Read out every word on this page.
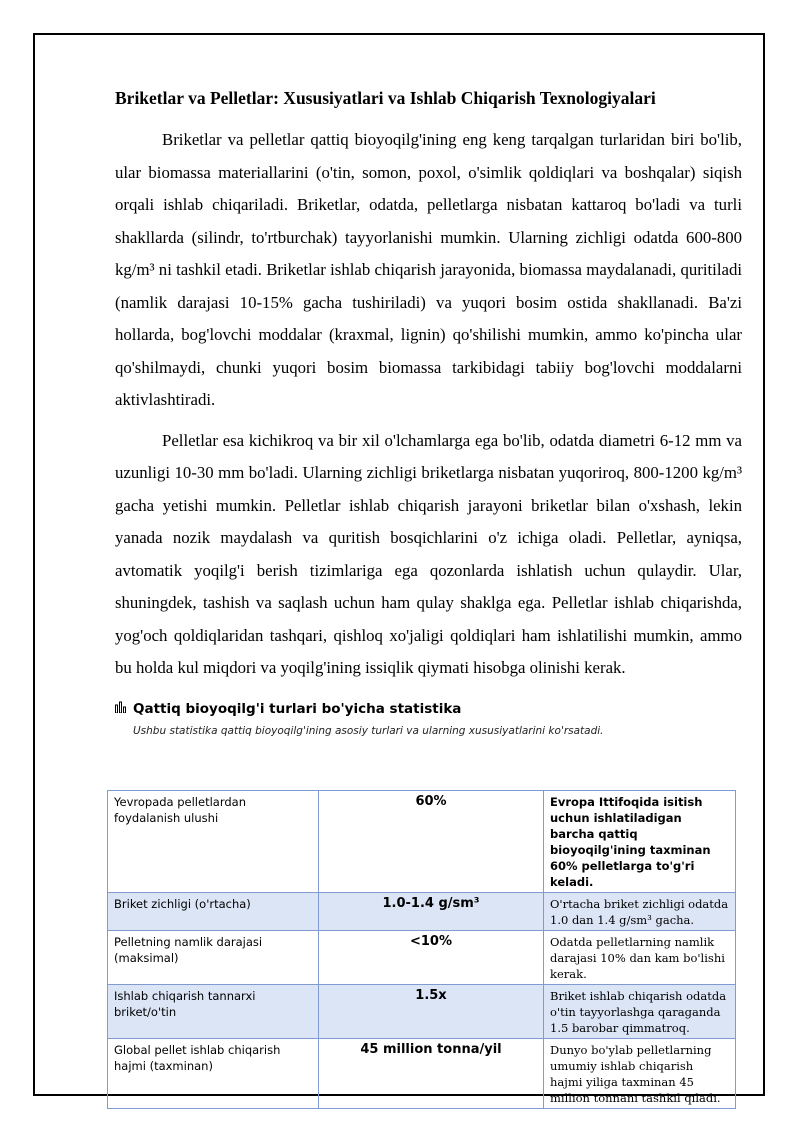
Briketlar va Pelletlar: Xususiyatlari va Ishlab Chiqarish Texnologiyalari

Briketlar va pelletlar qattiq bioyoqilg'ining eng keng tarqalgan turlaridan biri bo'lib, ular biomassa materiallarini (o'tin, somon, poxol, o'simlik qoldiqlari va boshqalar) siqish orqali ishlab chiqariladi. Briketlar, odatda, pelletlarga nisbatan kattaroq bo'ladi va turli shakllarda (silindr, to'rtburchak) tayyorlanishi mumkin. Ularning zichligi odatda 600-800 kg/m³ ni tashkil etadi. Briketlar ishlab chiqarish jarayonida, biomassa maydalanadi, quritiladi (namlik darajasi 10-15% gacha tushiriladi) va yuqori bosim ostida shakllanadi. Ba'zi hollarda, bog'lovchi moddalar (kraxmal, lignin) qo'shilishi mumkin, ammo ko'pincha ular qo'shilmaydi, chunki yuqori bosim biomassa tarkibidagi tabiiy bog'lovchi moddalarni aktivlashtiradi.

Pelletlar esa kichikroq va bir xil o'lchamlarga ega bo'lib, odatda diametri 6-12 mm va uzunligi 10-30 mm bo'ladi. Ularning zichligi briketlarga nisbatan yuqoriroq, 800-1200 kg/m³ gacha yetishi mumkin. Pelletlar ishlab chiqarish jarayoni briketlar bilan o'xshash, lekin yanada nozik maydalash va quritish bosqichlarini o'z ichiga oladi. Pelletlar, ayniqsa, avtomatik yoqilg'i berish tizimlariga ega qozonlarda ishlatish uchun qulaydir. Ular, shuningdek, tashish va saqlash uchun ham qulay shaklga ega. Pelletlar ishlab chiqarishda, yog'och qoldiqlaridan tashqari, qishloq xo'jaligi qoldiqlari ham ishlatilishi mumkin, ammo bu holda kul miqdori va yoqilg'ining issiqlik qiymati hisobga olinishi kerak.

Qattiq bioyoqilg'i turlari bo'yicha statistika
Ushbu statistika qattiq bioyoqilg'ining asosiy turlari va ularning xususiyatlarini ko'rsatadi.
Yevropada pelletlardan foydalanish ulushi	60%	Evropa Ittifoqida isitish uchun ishlatiladigan barcha qattiq bioyoqilg'ining taxminan 60% pelletlarga to'g'ri keladi.
Briket zichligi (o'rtacha)	1.0-1.4 g/sm³	O'rtacha briket zichligi odatda 1.0 dan 1.4 g/sm³ gacha.
Pelletning namlik darajasi (maksimal)	<10%	Odatda pelletlarning namlik darajasi 10% dan kam bo'lishi kerak.
Ishlab chiqarish tannarxi briket/o'tin	1.5x	Briket ishlab chiqarish odatda o'tin tayyorlashga qaraganda 1.5 barobar qimmatroq.
Global pellet ishlab chiqarish hajmi (taxminan)	45 million tonna/yil	Dunyo bo'ylab pelletlarning umumiy ishlab chiqarish hajmi yiliga taxminan 45 million tonnani tashkil qiladi.
